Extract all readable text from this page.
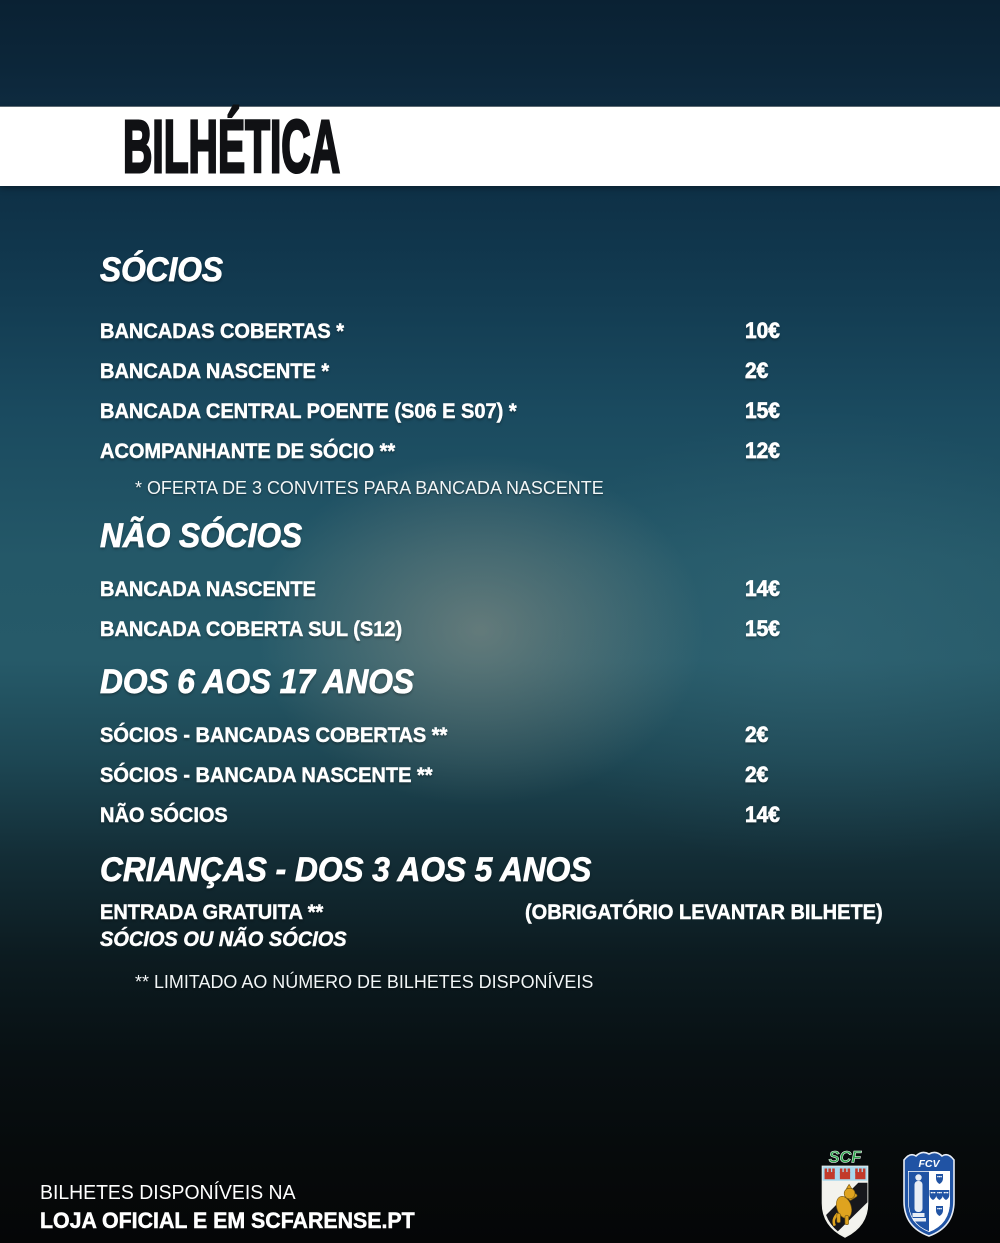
BILHÉTICA
SÓCIOS
BANCADAS COBERTAS *	10€
BANCADA NASCENTE *	2€
BANCADA CENTRAL POENTE (S06 E S07) *	15€
ACOMPANHANTE DE SÓCIO **	12€
* OFERTA DE 3 CONVITES PARA BANCADA NASCENTE
NÃO SÓCIOS
BANCADA NASCENTE	14€
BANCADA COBERTA SUL (S12)	15€
DOS 6 AOS 17 ANOS
SÓCIOS - BANCADAS COBERTAS **	2€
SÓCIOS - BANCADA NASCENTE **	2€
NÃO SÓCIOS	14€
CRIANÇAS - DOS 3 AOS 5 ANOS
ENTRADA GRATUITA **	(OBRIGATÓRIO LEVANTAR BILHETE)
SÓCIOS OU NÃO SÓCIOS
** LIMITADO AO NÚMERO DE BILHETES DISPONÍVEIS
BILHETES DISPONÍVEIS NA
LOJA OFICIAL E EM SCFARENSE.PT
SCF	FCV
